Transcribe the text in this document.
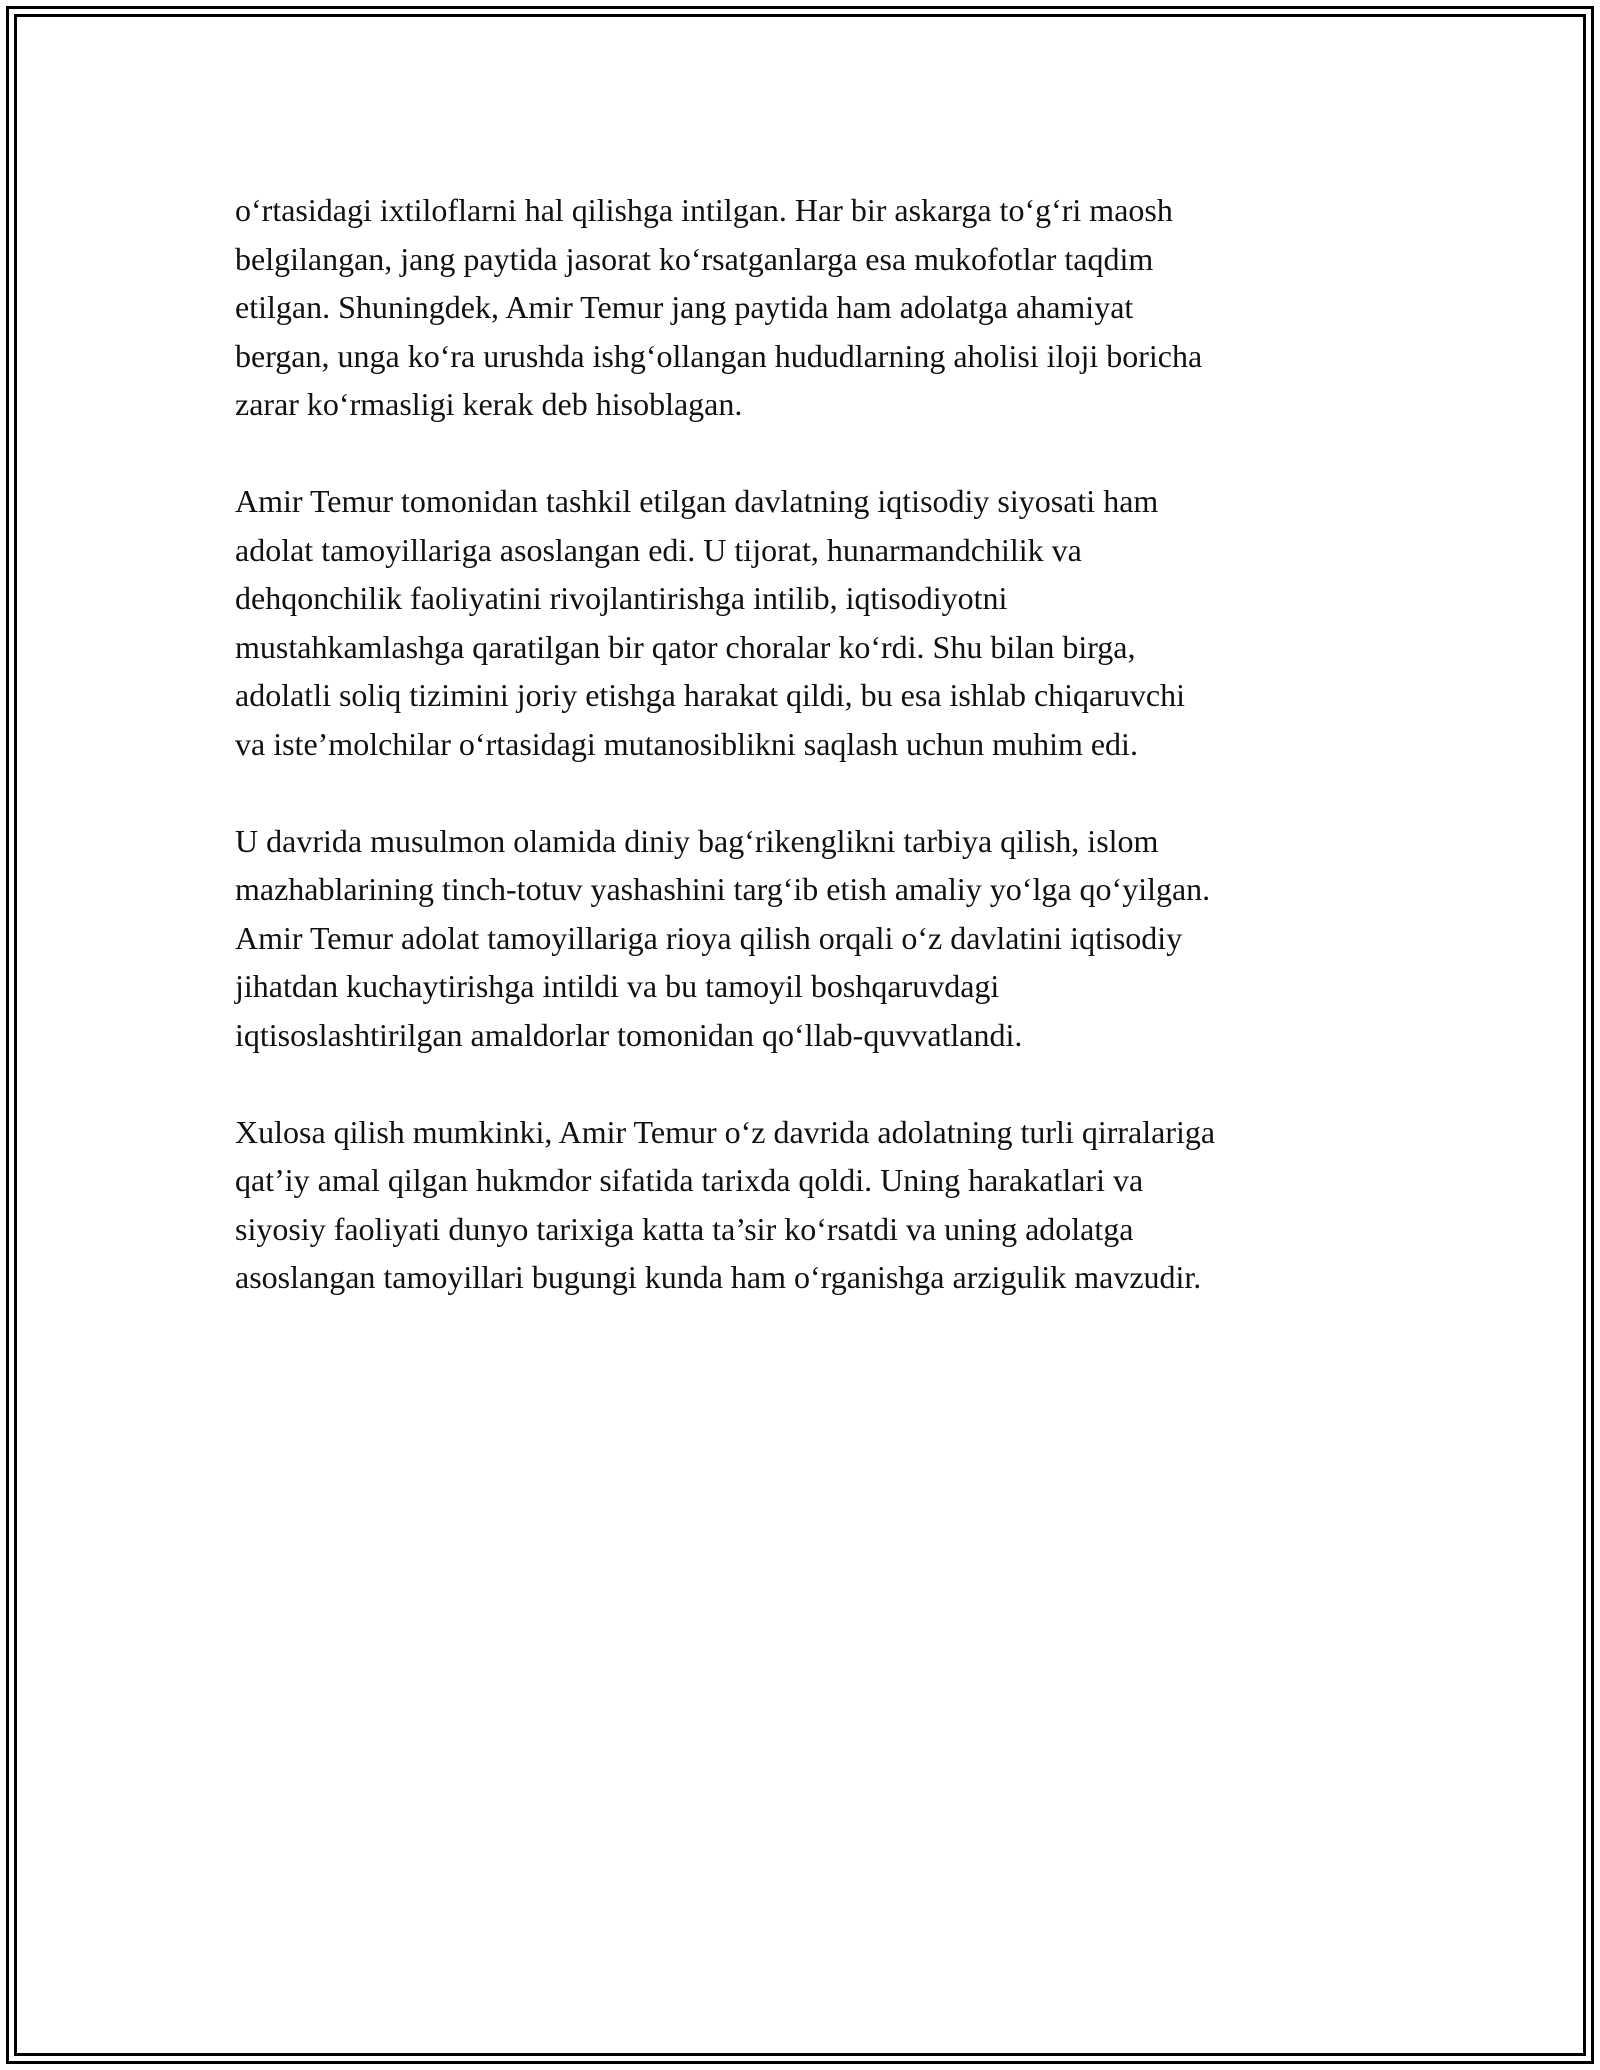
o‘rtasidagi ixtiloflarni hal qilishga intilgan. Har bir askarga to‘g‘ri maosh
belgilangan, jang paytida jasorat ko‘rsatganlarga esa mukofotlar taqdim
etilgan. Shuningdek, Amir Temur jang paytida ham adolatga ahamiyat
bergan, unga ko‘ra urushda ishg‘ollangan hududlarning aholisi iloji boricha
zarar ko‘rmasligi kerak deb hisoblagan.

Amir Temur tomonidan tashkil etilgan davlatning iqtisodiy siyosati ham
adolat tamoyillariga asoslangan edi. U tijorat, hunarmandchilik va
dehqonchilik faoliyatini rivojlantirishga intilib, iqtisodiyotni
mustahkamlashga qaratilgan bir qator choralar ko‘rdi. Shu bilan birga,
adolatli soliq tizimini joriy etishga harakat qildi, bu esa ishlab chiqaruvchi
va iste’molchilar o‘rtasidagi mutanosiblikni saqlash uchun muhim edi.

U davrida musulmon olamida diniy bag‘rikenglikni tarbiya qilish, islom
mazhablarining tinch-totuv yashashini targ‘ib etish amaliy yo‘lga qo‘yilgan.
Amir Temur adolat tamoyillariga rioya qilish orqali o‘z davlatini iqtisodiy
jihatdan kuchaytirishga intildi va bu tamoyil boshqaruvdagi
iqtisoslashtirilgan amaldorlar tomonidan qo‘llab-quvvatlandi.

Xulosa qilish mumkinki, Amir Temur o‘z davrida adolatning turli qirralariga
qat’iy amal qilgan hukmdor sifatida tarixda qoldi. Uning harakatlari va
siyosiy faoliyati dunyo tarixiga katta ta’sir ko‘rsatdi va uning adolatga
asoslangan tamoyillari bugungi kunda ham o‘rganishga arzigulik mavzudir.
